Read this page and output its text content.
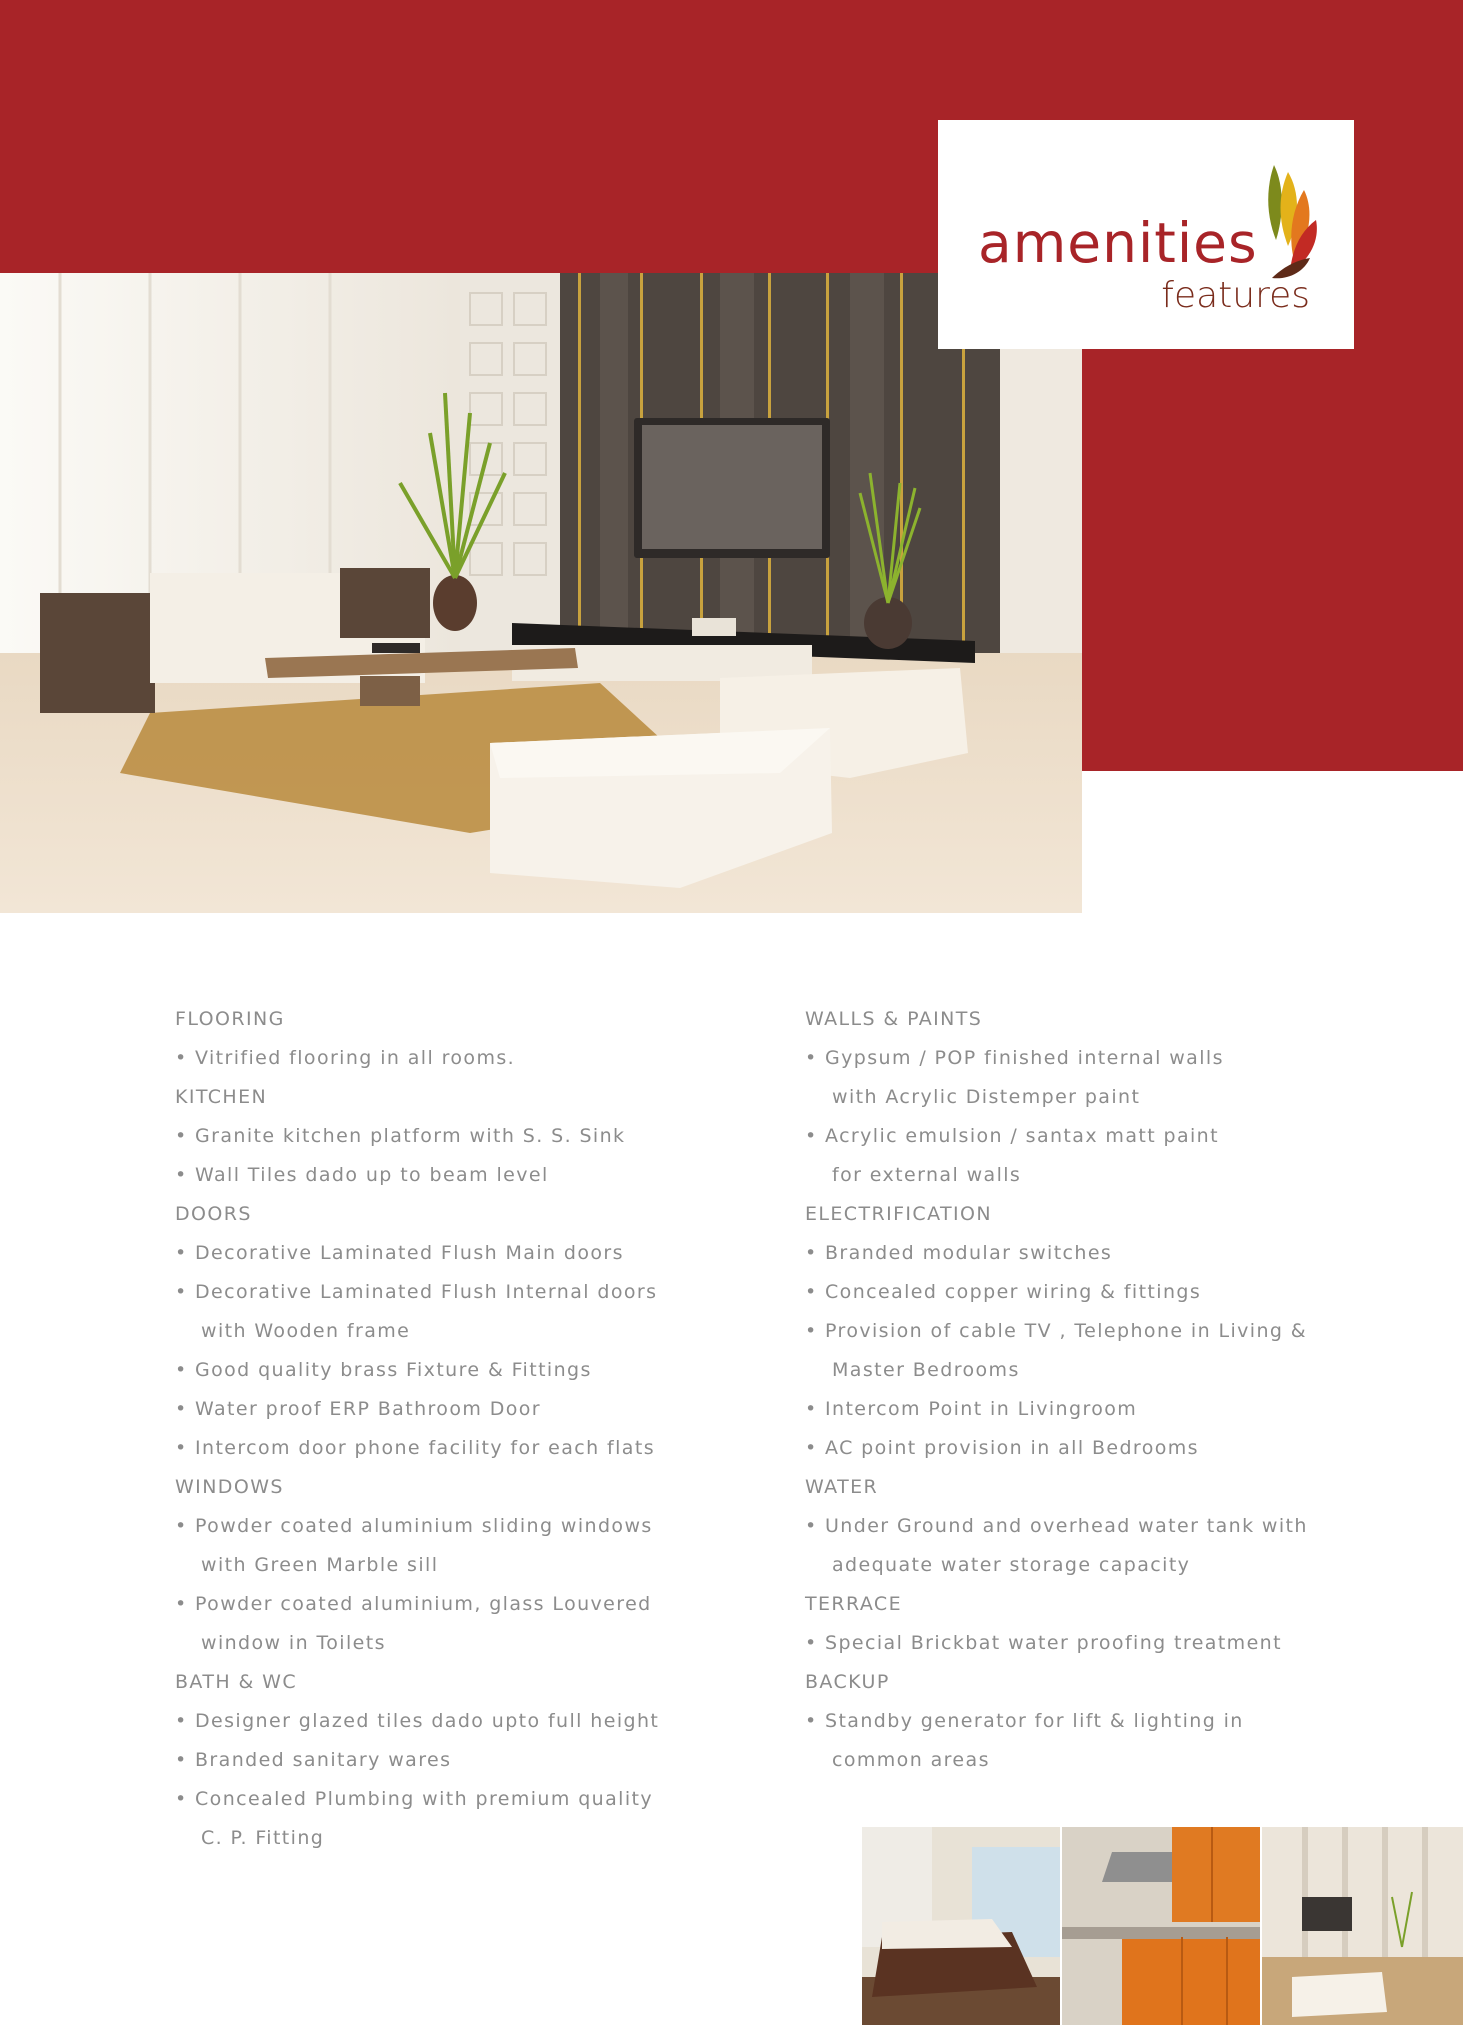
amenities
features
FLOORING
• Vitrified flooring in all rooms.
KITCHEN
• Granite kitchen platform with S. S. Sink
• Wall Tiles dado up to beam level
DOORS
• Decorative Laminated Flush Main doors
• Decorative Laminated Flush Internal doors
with Wooden frame
• Good quality brass Fixture & Fittings
• Water proof ERP Bathroom Door
• Intercom door phone facility for each flats
WINDOWS
• Powder coated aluminium sliding windows
with Green Marble sill
• Powder coated aluminium, glass Louvered
window in Toilets
BATH & WC
• Designer glazed tiles dado upto full height
• Branded sanitary wares
• Concealed Plumbing with premium quality
C. P. Fitting
WALLS & PAINTS
• Gypsum / POP finished internal walls
with Acrylic Distemper paint
• Acrylic emulsion / santax matt paint
for external walls
ELECTRIFICATION
• Branded modular switches
• Concealed copper wiring & fittings
• Provision of cable TV , Telephone in Living &
Master Bedrooms
• Intercom Point in Livingroom
• AC point provision in all Bedrooms
WATER
• Under Ground and overhead water tank with
adequate water storage capacity
TERRACE
• Special Brickbat water proofing treatment
BACKUP
• Standby generator for lift & lighting in
common areas
